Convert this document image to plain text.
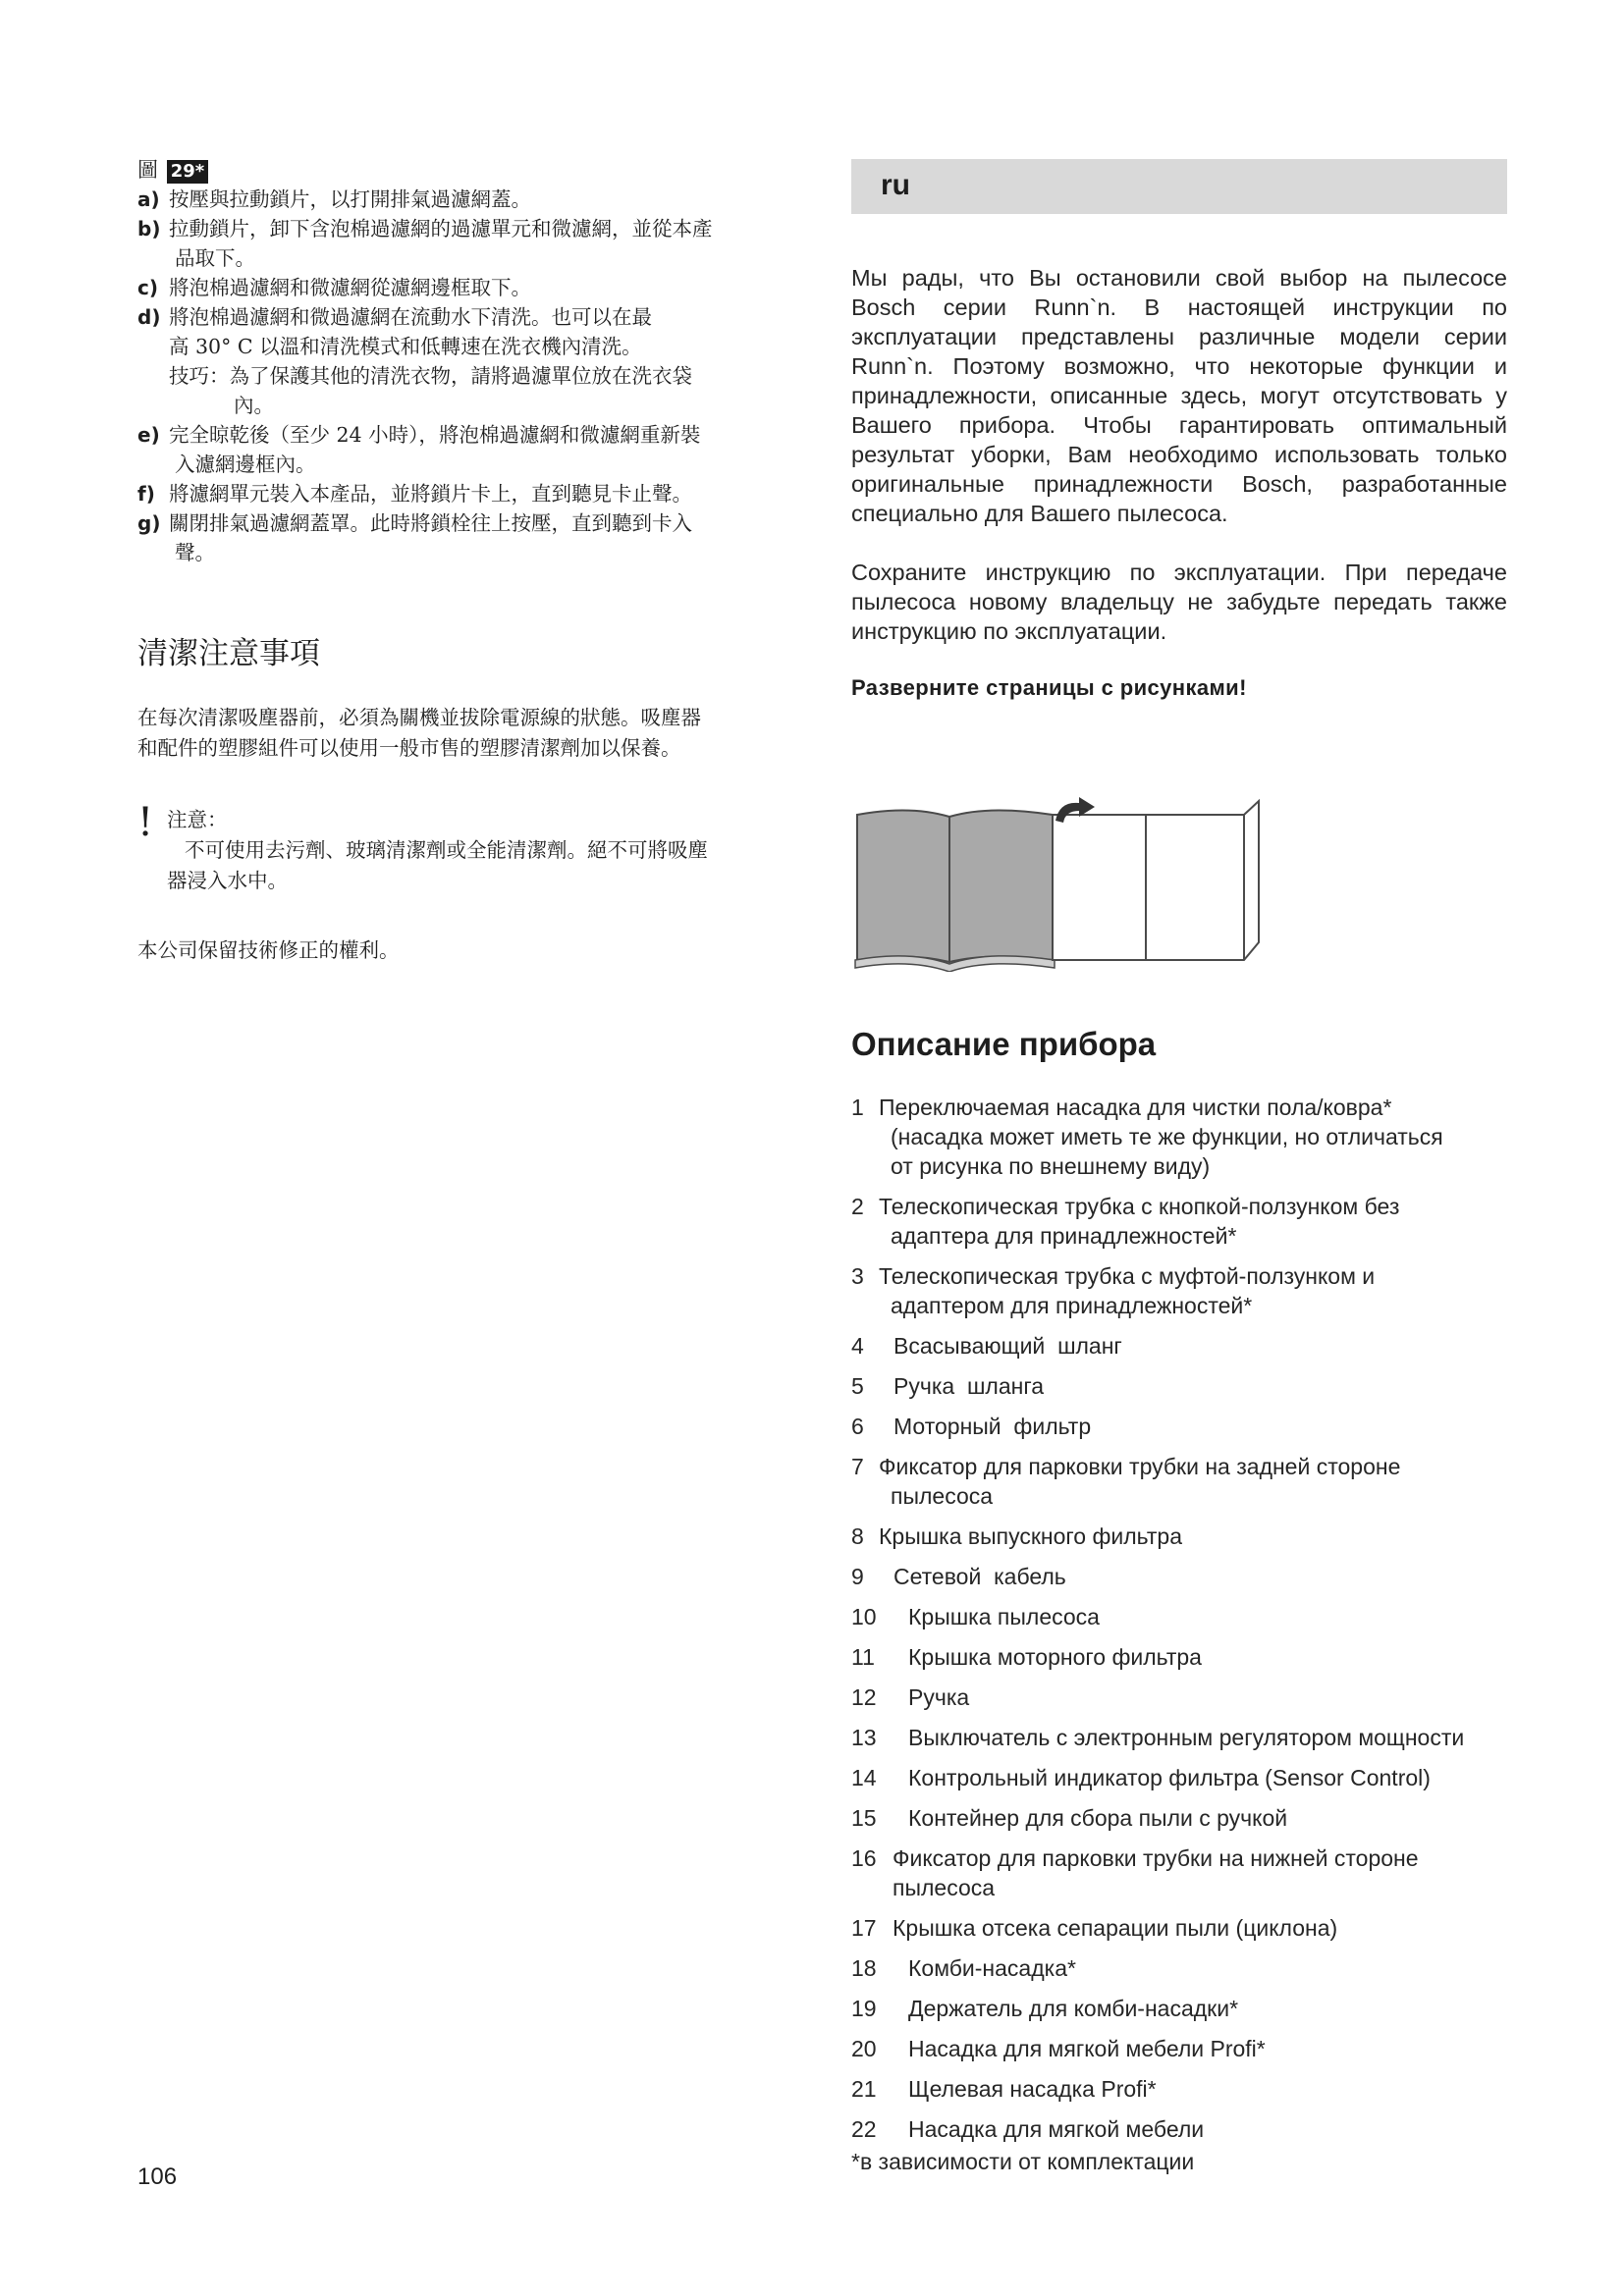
圖 29*
a) 按壓與拉動鎖片，以打開排氣過濾網蓋。
b) 拉動鎖片，卸下含泡棉過濾網的過濾單元和微濾網，並從本產
品取下。
c) 將泡棉過濾網和微濾網從濾網邊框取下。
d) 將泡棉過濾網和微過濾網在流動水下清洗。也可以在最
高 30° C 以溫和清洗模式和低轉速在洗衣機內清洗。
技巧：為了保護其他的清洗衣物，請將過濾單位放在洗衣袋
內。
e) 完全晾乾後（至少 24 小時），將泡棉過濾網和微濾網重新裝
入濾網邊框內。
f) 將濾網單元裝入本產品，並將鎖片卡上，直到聽見卡止聲。
g) 關閉排氣過濾網蓋罩。此時將鎖栓往上按壓，直到聽到卡入
聲。
清潔注意事項
在每次清潔吸塵器前，必須為關機並拔除電源線的狀態。吸塵器
和配件的塑膠組件可以使用一般市售的塑膠清潔劑加以保養。
! 注意：
不可使用去污劑、玻璃清潔劑或全能清潔劑。絕不可將吸塵
器浸入水中。
本公司保留技術修正的權利。
106
ru

Мы рады, что Вы остановили свой выбор на пылесосе Bosch серии Runn`n. В настоящей инструкции по эксплуатации представлены различные модели серии Runn`n. Поэтому возможно, что некоторые функции и принадлежности, описанные здесь, могут отсутствовать у Вашего прибора. Чтобы гарантировать оптимальный результат уборки, Вам необходимо использовать только оригинальные принадлежности Bosch, разработанные специально для Вашего пылесоса.

Сохраните инструкцию по эксплуатации. При передаче пылесоса новому владельцу не забудьте передать также инструкцию по эксплуатации.

Разверните страницы с рисунками!
Описание прибора
1 Переключаемая насадка для чистки пола/ковра*
(насадка может иметь те же функции, но отличаться
от рисунка по внешнему виду)
2 Телескопическая трубка с кнопкой-ползунком без
адаптера для принадлежностей*
3 Телескопическая трубка с муфтой-ползунком и
адаптером для принадлежностей*
4	Всасывающий  шланг
5	Ручка  шланга
6	Моторный  фильтр
7 Фиксатор для парковки трубки на задней стороне
пылесоса
8 Крышка выпускного фильтра
9	Сетевой  кабель
10	Крышка пылесоса
11	Крышка моторного фильтра
12	Ручка
13	Выключатель с электронным регулятором мощности
14	Контрольный индикатор фильтра (Sensor Control)
15	Контейнер для сбора пыли с ручкой
16 Фиксатор для парковки трубки на нижней стороне
пылесоса
17 Крышка отсека сепарации пыли (циклона)
18	Комби-насадка*
19	Держатель для комби-насадки*
20	Насадка для мягкой мебели Profi*
21	Щелевая насадка Profi*
22	Насадка для мягкой мебели
*в зависимости от комплектации
